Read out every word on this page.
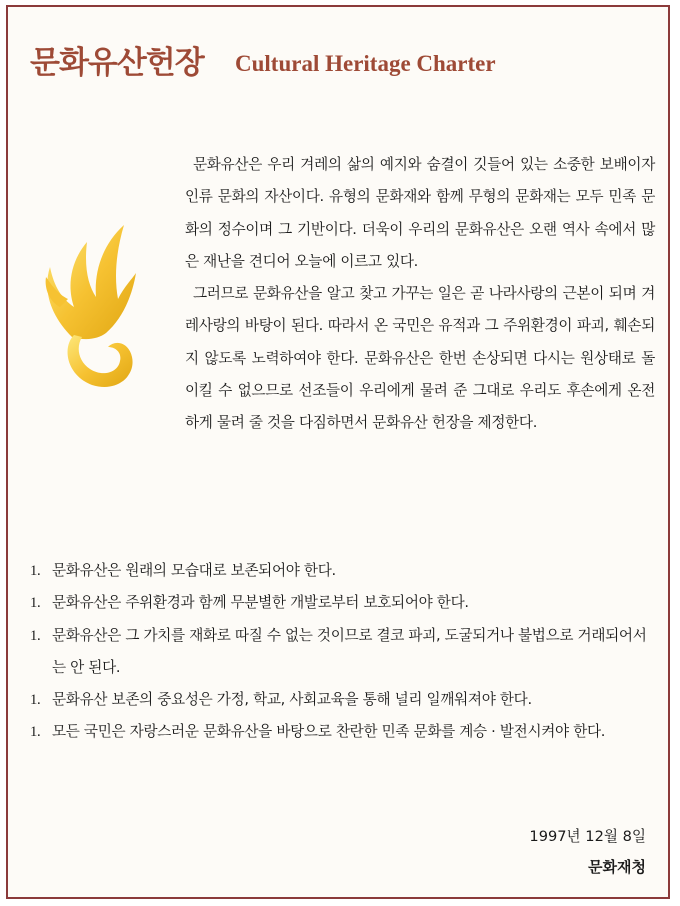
문화유산헌장 Cultural Heritage Charter

문화유산은 우리 겨레의 삶의 예지와 숨결이 깃들어 있는 소중한 보배이자 인류 문화의 자산이다. 유형의 문화재와 함께 무형의 문화재는 모두 민족 문화의 정수이며 그 기반이다. 더욱이 우리의 문화유산은 오랜 역사 속에서 많은 재난을 견디어 오늘에 이르고 있다.

그러므로 문화유산을 알고 찾고 가꾸는 일은 곧 나라사랑의 근본이 되며 겨레사랑의 바탕이 된다. 따라서 온 국민은 유적과 그 주위환경이 파괴, 훼손되지 않도록 노력하여야 한다. 문화유산은 한번 손상되면 다시는 원상태로 돌이킬 수 없으므로 선조들이 우리에게 물려 준 그대로 우리도 후손에게 온전하게 물려 줄 것을 다짐하면서 문화유산 헌장을 제정한다.

1. 문화유산은 원래의 모습대로 보존되어야 한다.
1. 문화유산은 주위환경과 함께 무분별한 개발로부터 보호되어야 한다.
1. 문화유산은 그 가치를 재화로 따질 수 없는 것이므로 결코 파괴, 도굴되거나 불법으로 거래되어서는 안 된다.
1. 문화유산 보존의 중요성은 가정, 학교, 사회교육을 통해 널리 일깨워져야 한다.
1. 모든 국민은 자랑스러운 문화유산을 바탕으로 찬란한 민족 문화를 계승 · 발전시켜야 한다.
1997년 12월 8일
문화재청
